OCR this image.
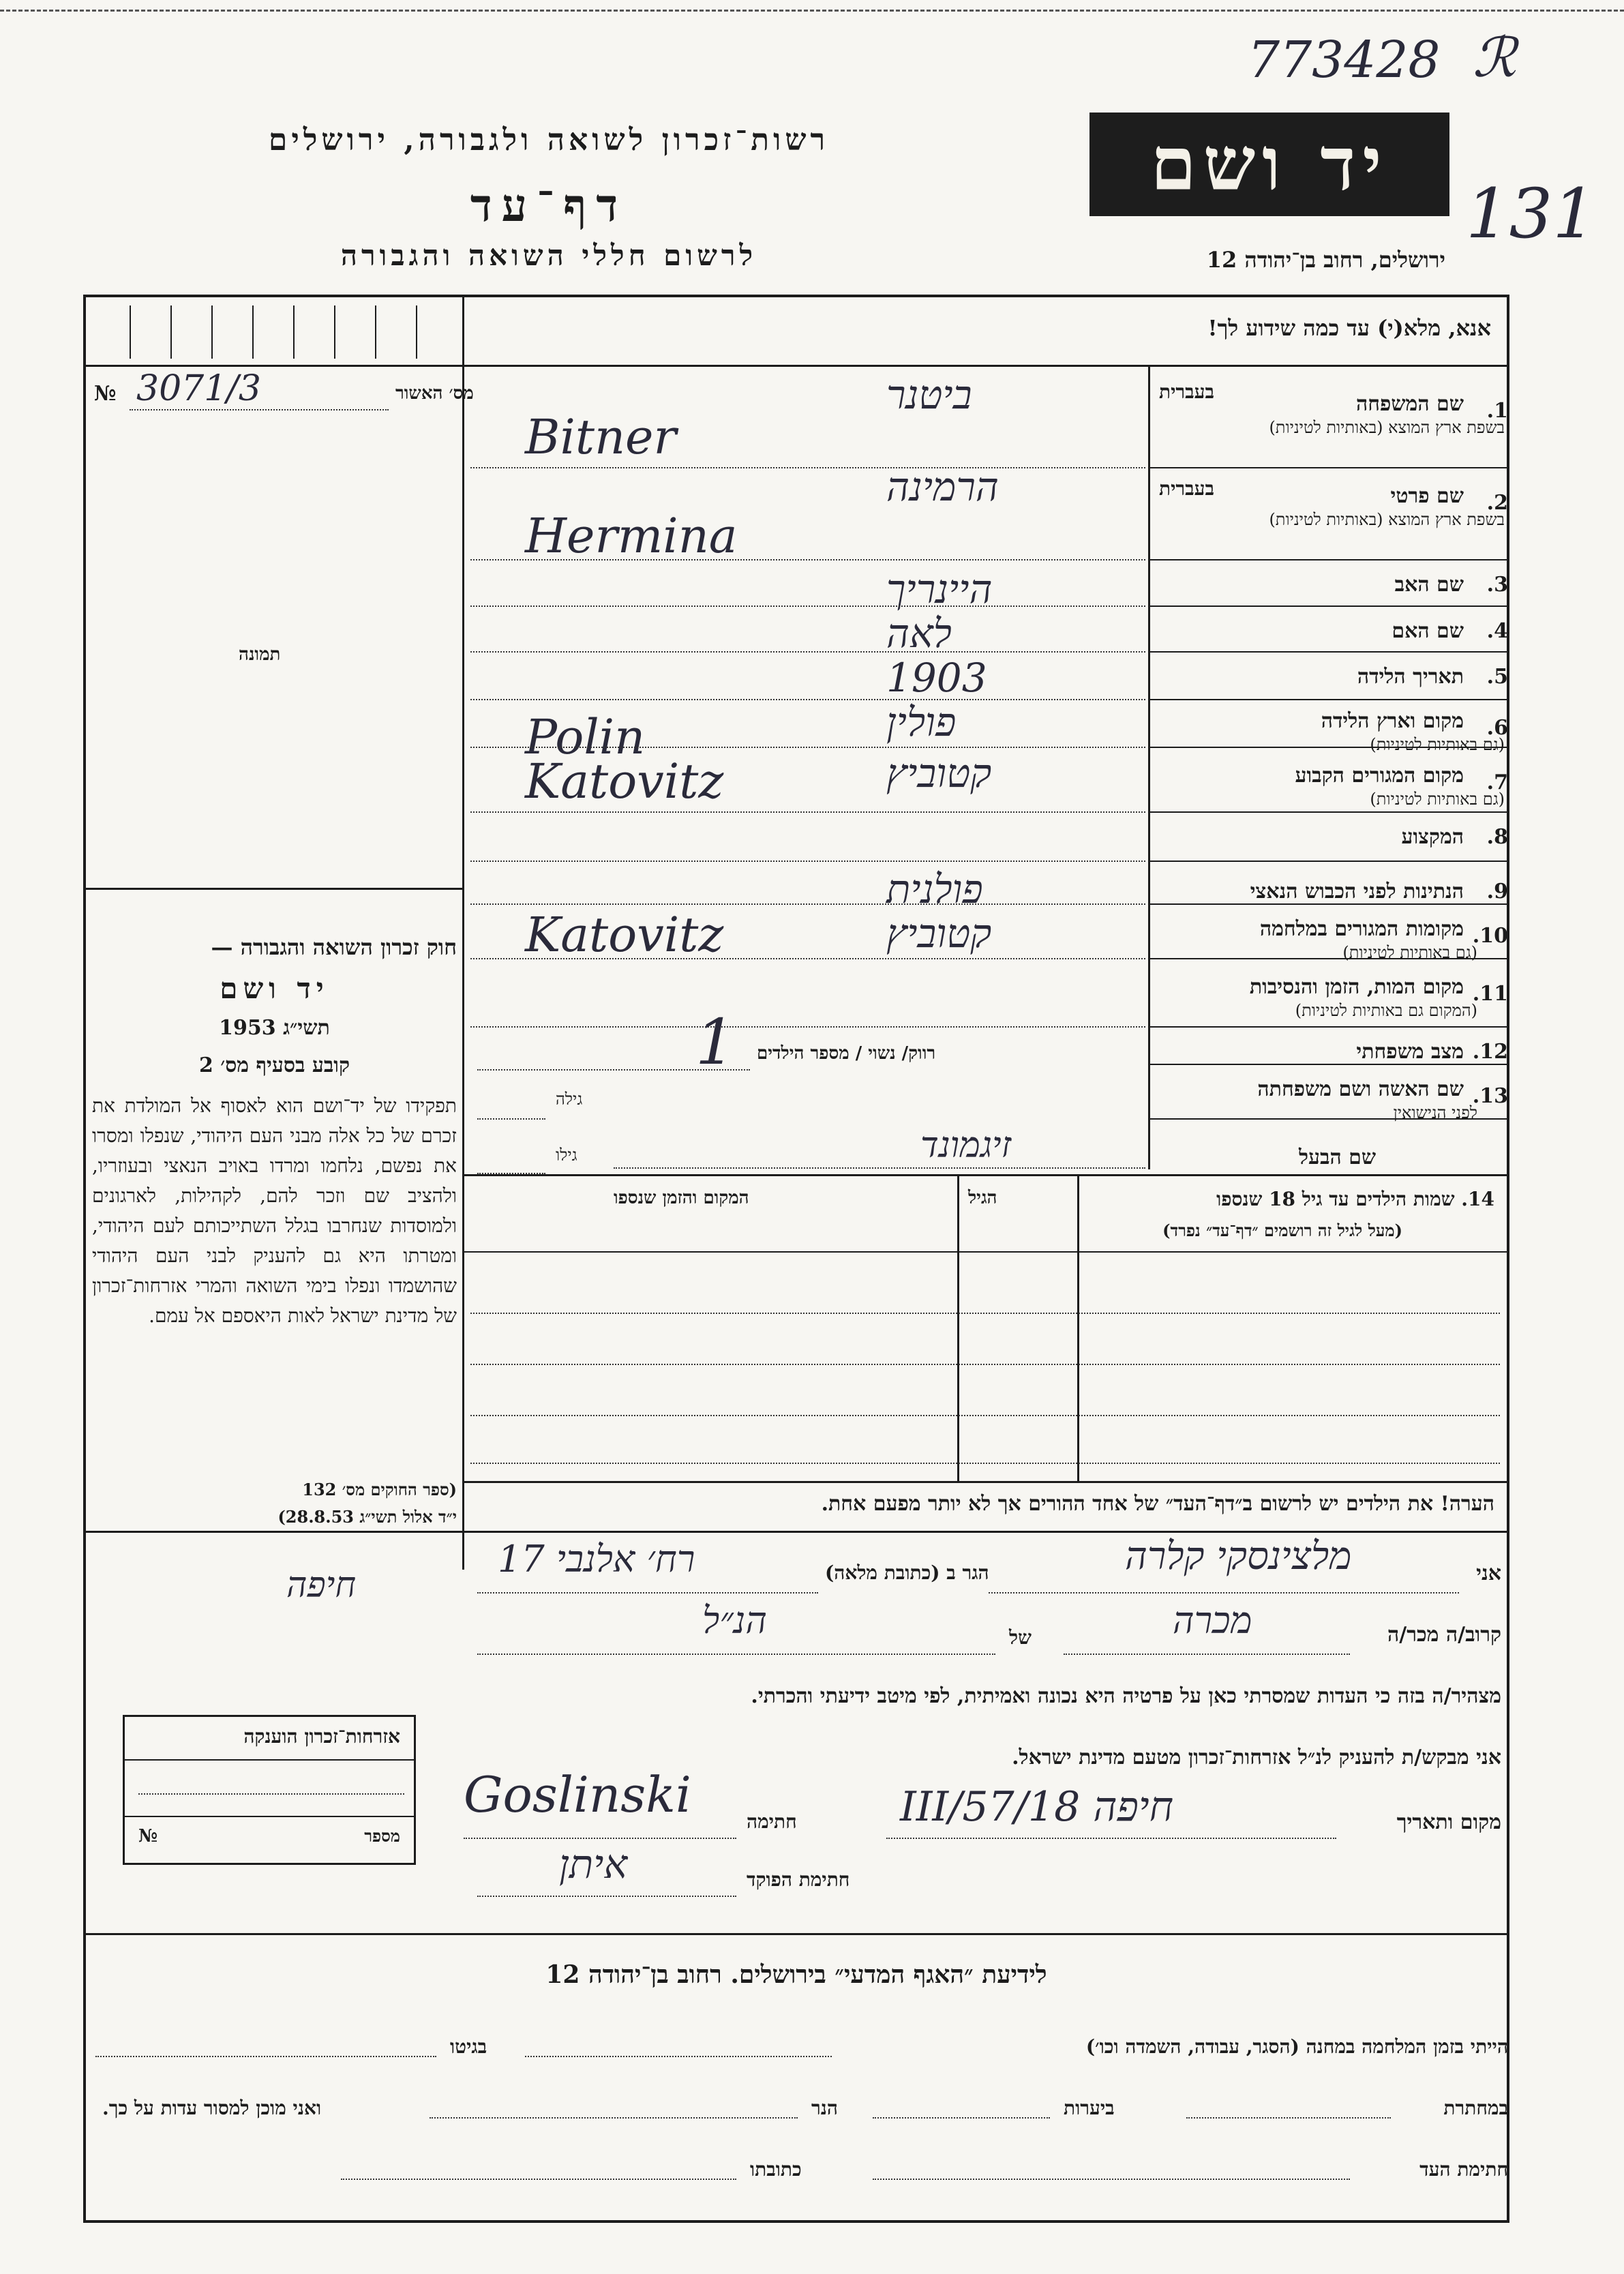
773428 ℛ
131
רשות־זכרון לשואה ולגבורה, ירושלים
דף־עד
לרשום חללי השואה והגבורה
יד ושם
ירושלים, רחוב בן־יהודה 12
אנא, מלא(י) עד כמה שידוע לך!
מס׳ האשור
№ 3071/3
תמונה
חוק זכרון השואה והגבורה —
יד ושם
תשי״ג 1953
קובע בסעיף מס׳ 2
תפקידו של יד־ושם הוא לאסוף אל המולדת את זכרם של כל אלה מבני העם היהודי, שנפלו ומסרו את נפשם, נלחמו ומרדו באויב הנאצי ובעוזריו, ולהציב שם וזכר להם, לקהילות, לארגונים ולמוסדות שנחרבו בגלל השתייכותם לעם היהודי, ומטרתו היא גם להעניק לבני העם היהודי שהושמדו ונפלו בימי השואה והמרי אזרחות־זכרון של מדינת ישראל לאות היאספם אל עמם.
(ספר החוקים מס׳ 132
י״ד אלול תשי״ג 28.8.53)
בעברית
בעברית
1.
שם המשפחה
בשפת ארץ המוצא (באותיות לטיניות)
ביטנר
Bitner
2.
שם פרטי
בשפת ארץ המוצא (באותיות לטיניות)
הרמינה
Hermina
3.
שם האב
היינריך
4.
שם האם
לאה
5.
תאריך הלידה
1903
6.
מקום וארץ הלידה
(גם באותיות לטיניות)
פולין
Polin
7.
מקום המגורים הקבוע
(גם באותיות לטיניות)
קטוביץ
Katovitz
8.
המקצוע
9.
הנתינות לפני הכבוש הנאצי
פולנית
10.
מקומות המגורים במלחמה
(גם באותיות לטיניות)
קטוביץ
Katovitz
11.
מקום המות, הזמן והנסיבות
(המקום גם באותיות לטיניות)
12.
מצב משפחתי
13.
שם האשה ושם משפחתה
לפני הנישואין
רווק/ נשוי / מספר הילדים
1
גילה
גילו	שם הבעל
זיגמונד
14. שמות הילדים עד גיל 18 שנספו
(מעל לגיל זה רושמים ״דף־עד״ נפרד)
הגיל
המקום והזמן שנספו
הערה! את הילדים יש לרשום ב״דף־העד״ של אחד ההורים אך לא יותר מפעם אחת.
אני
מלצינסקי קלרה
הגר ב (כתובת מלאה)
רח׳ אלנבי 17
חיפה
קרוב/ה מכר/ה
מכרה
של
הנ״ל
מצהיר/ה בזה כי העדות שמסרתי כאן על פרטיה היא נכונה ואמיתית, לפי מיטב ידיעתי והכרתי.
אני מבקש/ת להעניק לנ״ל אזרחות־זכרון מטעם מדינת ישראל.
מקום ותאריך
חיפה 18/III/57
חתימה
Goslinski
חתימת הפוקד
איתן
אזרחות־זכרון הוענקה
מספר
№
לידיעת ״האגף המדעי״ בירושלים. רחוב בן־יהודה 12
הייתי בזמן המלחמה במחנה (הסגר, עבודה, השמדה וכו׳)
בגיטו
במחתרת
ביערות
הנר
ואני מוכן למסור עדות על כך.
חתימת העד
כתובתו
